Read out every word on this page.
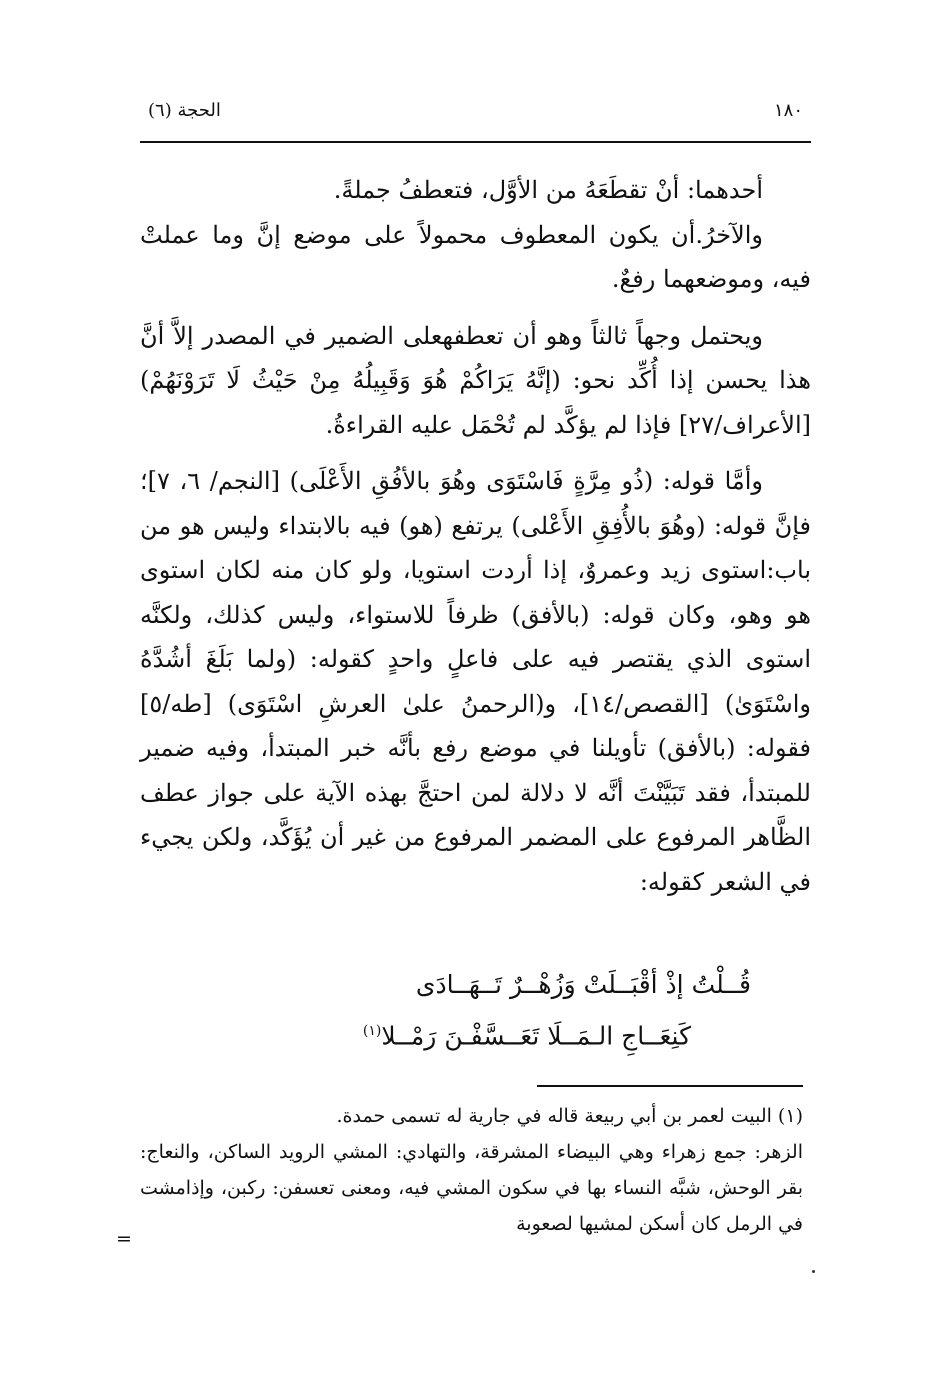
الحجة (٦)	١٨٠

أحدهما: أنْ تقطَعَهُ من الأوَّل، فتعطفُ جملةً.

والآخرُ.أن يكون المعطوف محمولاً على موضع إنَّ وما عملتْ فيه، وموضعهما رفعٌ.

ويحتمل وجهاً ثالثاً وهو أن تعطفهعلى الضمير في المصدر إلاَّ أنَّ هذا يحسن إذا أُكِّد نحو: (إنَّهُ يَرَاكُمْ هُوَ وَقَبِيلُهُ مِنْ حَيْثُ لَا تَرَوْنَهُمْ) [الأعراف/٢٧] فإذا لم يؤكَّد لم تُحْمَل عليه القراءةُ.

وأمَّا قوله: (ذُو مِرَّةٍ فَاسْتَوَى وهُوَ بالأفُقِ الأَعْلَى) [النجم/ ٦، ٧]؛ فإنَّ قوله: (وهُوَ بالأُفِقِ الأَعْلى) يرتفع (هو) فيه بالابتداء وليس هو من باب:استوى زيد وعمروٌ، إذا أردت استويا، ولو كان منه لكان استوى هو وهو، وكان قوله: (بالأفق) ظرفاً للاستواء، وليس كذلك، ولكنَّه استوى الذي يقتصر فيه على فاعلٍ واحدٍ كقوله: (ولما بَلَغَ أشُدَّهُ واسْتَوَىٰ) [القصص/١٤]، و(الرحمنُ علىٰ العرشِ اسْتَوَى) [طه/٥] فقوله: (بالأفق) تأويلنا في موضع رفع بأنَّه خبر المبتدأ، وفيه ضمير للمبتدأ، فقد تَبَيَّنْتَ أنَّه لا دلالة لمن احتجَّ بهذه الآية على جواز عطف الظَّاهر المرفوع على المضمر المرفوع من غير أن يُؤَكَّد، ولكن يجيء في الشعر كقوله:

قُــلْتُ إذْ أقْبَــلَتْ وَزُهْــرٌ تَــهَــادَى
كَنِعَــاجِ الـمَــلَا تَعَــسَّفْـنَ رَمْــلا$^{(١)}$

(١) البيت لعمر بن أبي ربيعة قاله في جارية له تسمى حمدة.

الزهر: جمع زهراء وهي البيضاء المشرقة، والتهادي: المشي الرويد الساكن، والنعاج: بقر الوحش، شبَّه النساء بها في سكون المشي فيه، ومعنى تعسفن: ركبن، وإذامشت في الرمل كان أسكن لمشيها لصعوبة

=
